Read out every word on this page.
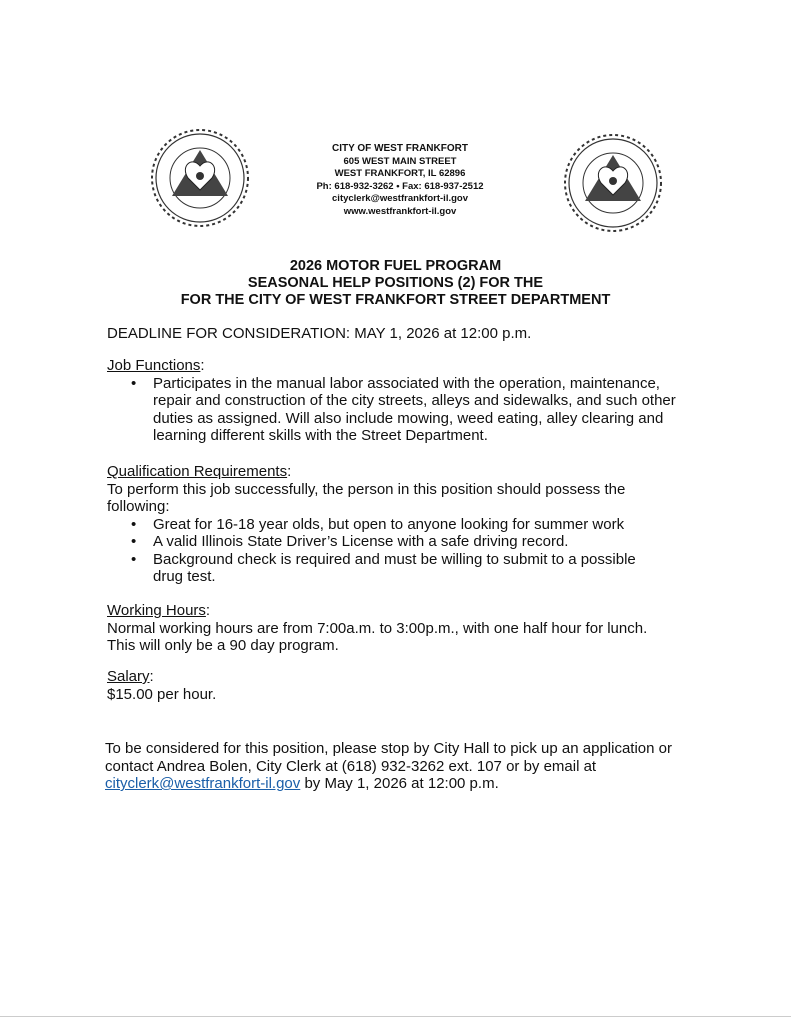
CITY OF WEST FRANKFORT
605 WEST MAIN STREET
WEST FRANKFORT, IL 62896
Ph: 618-932-3262 • Fax: 618-937-2512
cityclerk@westfrankfort-il.gov
www.westfrankfort-il.gov
2026 MOTOR FUEL PROGRAM
SEASONAL HELP POSITIONS (2) FOR THE
FOR THE CITY OF WEST FRANKFORT STREET DEPARTMENT
DEADLINE FOR CONSIDERATION: MAY 1, 2026 at 12:00 p.m.
Job Functions:
• Participates in the manual labor associated with the operation, maintenance, repair and construction of the city streets, alleys and sidewalks, and such other duties as assigned. Will also include mowing, weed eating, alley clearing and learning different skills with the Street Department.
Qualification Requirements:
To perform this job successfully, the person in this position should possess the following:
• Great for 16-18 year olds, but open to anyone looking for summer work
• A valid Illinois State Driver’s License with a safe driving record.
• Background check is required and must be willing to submit to a possible drug test.
Working Hours:
Normal working hours are from 7:00a.m. to 3:00p.m., with one half hour for lunch. This will only be a 90 day program.
Salary:
$15.00 per hour.
To be considered for this position, please stop by City Hall to pick up an application or contact Andrea Bolen, City Clerk at (618) 932-3262 ext. 107 or by email at cityclerk@westfrankfort-il.gov by May 1, 2026 at 12:00 p.m.
